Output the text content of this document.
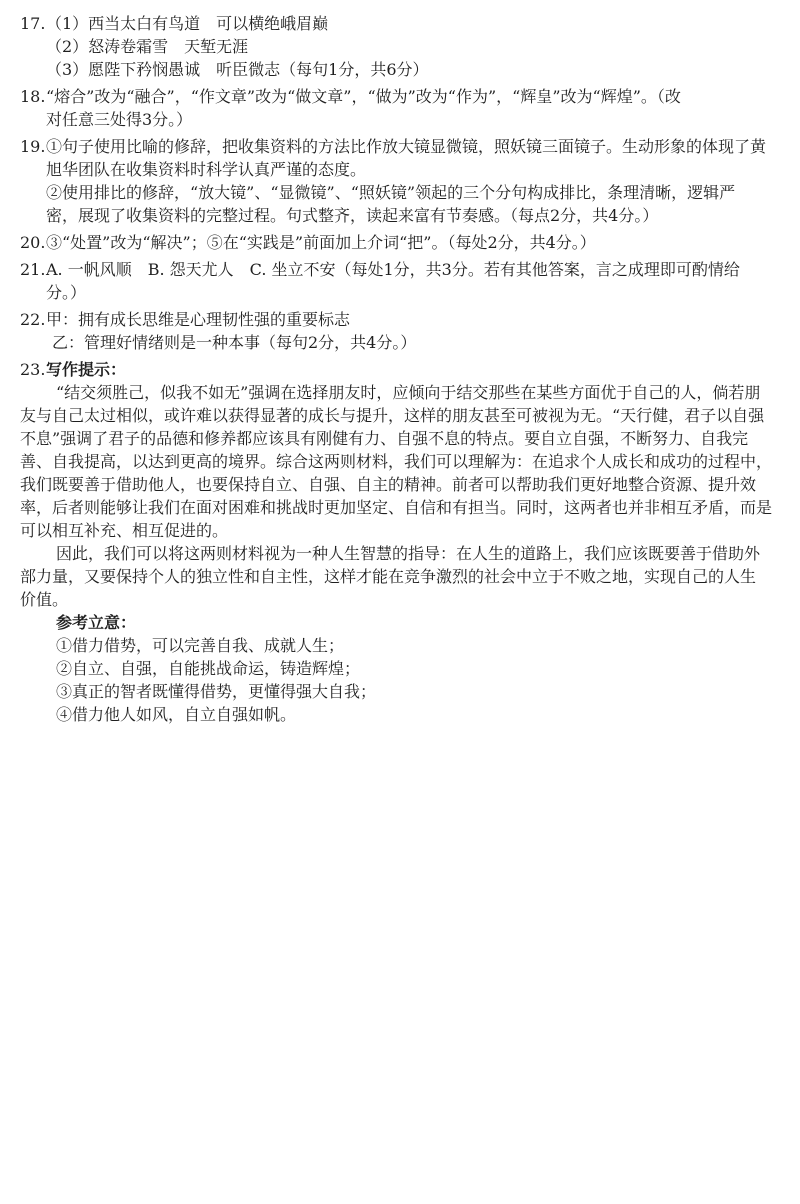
17.（1）西当太白有鸟道　可以横绝峨眉巅
（2）怒涛卷霜雪　天堑无涯
（3）愿陛下矜悯愚诚　听臣微志（每句1分，共6分）
18.“熔合”改为“融合”，“作文章”改为“做文章”，“做为”改为“作为”，“辉皇”改为“辉煌”。（改
对任意三处得3分。）
19.①句子使用比喻的修辞，把收集资料的方法比作放大镜显微镜，照妖镜三面镜子。生动形象的体现了黄
旭华团队在收集资料时科学认真严谨的态度。
②使用排比的修辞，“放大镜”、“显微镜”、“照妖镜”领起的三个分句构成排比，条理清晰，逻辑严
密，展现了收集资料的完整过程。句式整齐，读起来富有节奏感。（每点2分，共4分。）
20.③“处置”改为“解决”；⑤在“实践是”前面加上介词“把”。（每处2分，共4分。）
21.A. 一帆风顺　B. 怨天尤人　C. 坐立不安（每处1分，共3分。若有其他答案，言之成理即可酌情给
分。）
22.甲：拥有成长思维是心理韧性强的重要标志
乙：管理好情绪则是一种本事（每句2分，共4分。）
23.写作提示：
“结交须胜己，似我不如无”强调在选择朋友时，应倾向于结交那些在某些方面优于自己的人，倘若朋
友与自己太过相似，或许难以获得显著的成长与提升，这样的朋友甚至可被视为无。“天行健，君子以自强
不息”强调了君子的品德和修养都应该具有刚健有力、自强不息的特点。要自立自强，不断努力、自我完
善、自我提高，以达到更高的境界。综合这两则材料，我们可以理解为：在追求个人成长和成功的过程中，
我们既要善于借助他人，也要保持自立、自强、自主的精神。前者可以帮助我们更好地整合资源、提升效
率，后者则能够让我们在面对困难和挑战时更加坚定、自信和有担当。同时，这两者也并非相互矛盾，而是
可以相互补充、相互促进的。
因此，我们可以将这两则材料视为一种人生智慧的指导：在人生的道路上，我们应该既要善于借助外
部力量，又要保持个人的独立性和自主性，这样才能在竞争激烈的社会中立于不败之地，实现自己的人生
价值。
参考立意：
①借力借势，可以完善自我、成就人生；
②自立、自强，自能挑战命运，铸造辉煌；
③真正的智者既懂得借势，更懂得强大自我；
④借力他人如风，自立自强如帆。
